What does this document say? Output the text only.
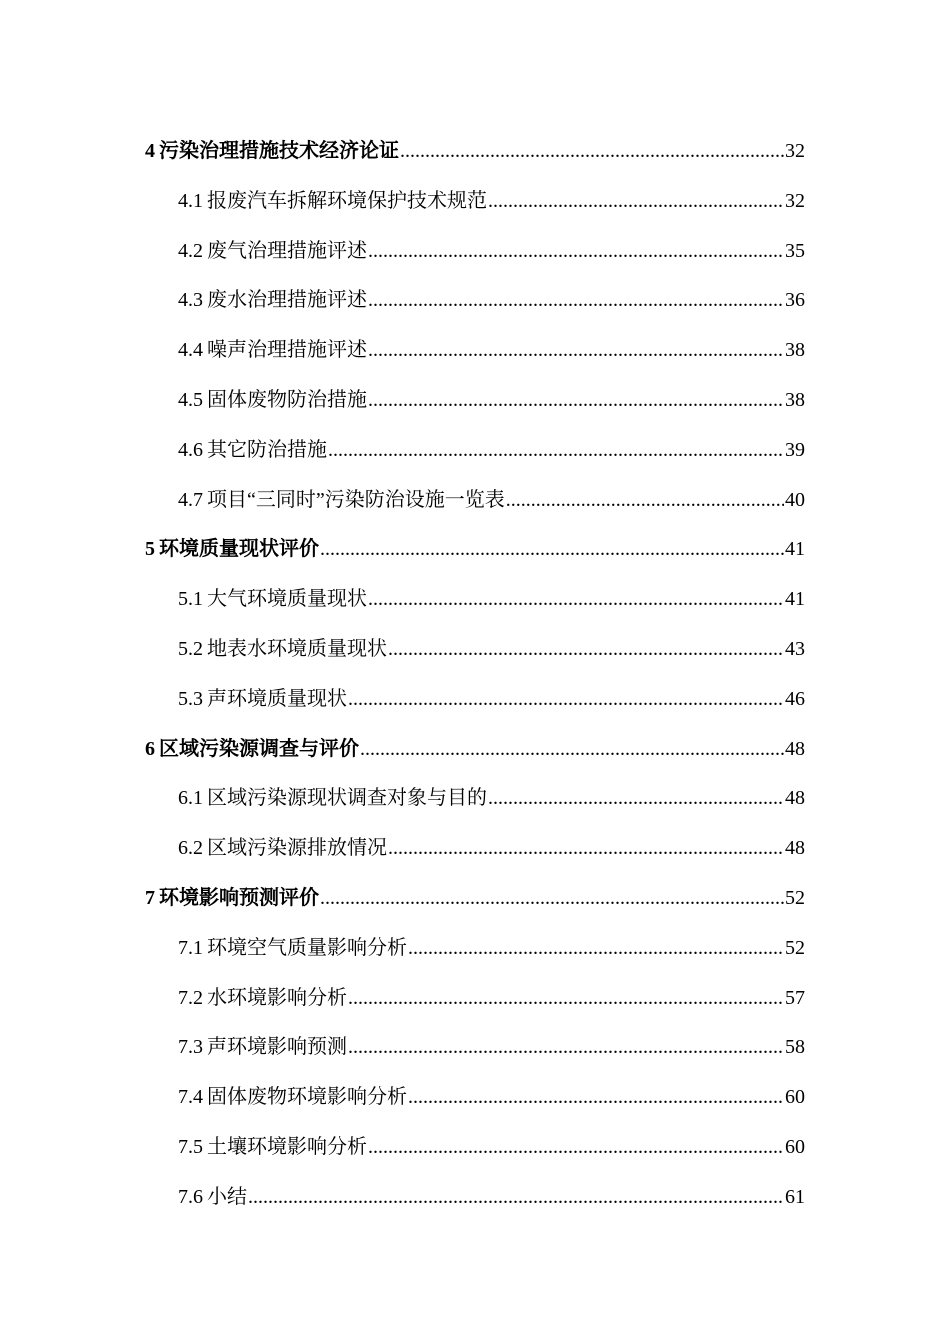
4 污染治理措施技术经济论证 .....	32
4.1 报废汽车拆解环境保护技术规范 .....	32
4.2 废气治理措施评述 .....	35
4.3 废水治理措施评述 .....	36
4.4 噪声治理措施评述 .....	38
4.5 固体废物防治措施 .....	38
4.6 其它防治措施 .....	39
4.7 项目“三同时”污染防治设施一览表 .....	40
5 环境质量现状评价 .....	41
5.1 大气环境质量现状 .....	41
5.2 地表水环境质量现状 .....	43
5.3 声环境质量现状 .....	46
6 区域污染源调查与评价 .....	48
6.1 区域污染源现状调查对象与目的 .....	48
6.2 区域污染源排放情况 .....	48
7 环境影响预测评价 .....	52
7.1 环境空气质量影响分析 .....	52
7.2 水环境影响分析 .....	57
7.3 声环境影响预测 .....	58
7.4 固体废物环境影响分析 .....	60
7.5 土壤环境影响分析 .....	60
7.6 小结 .....	61
